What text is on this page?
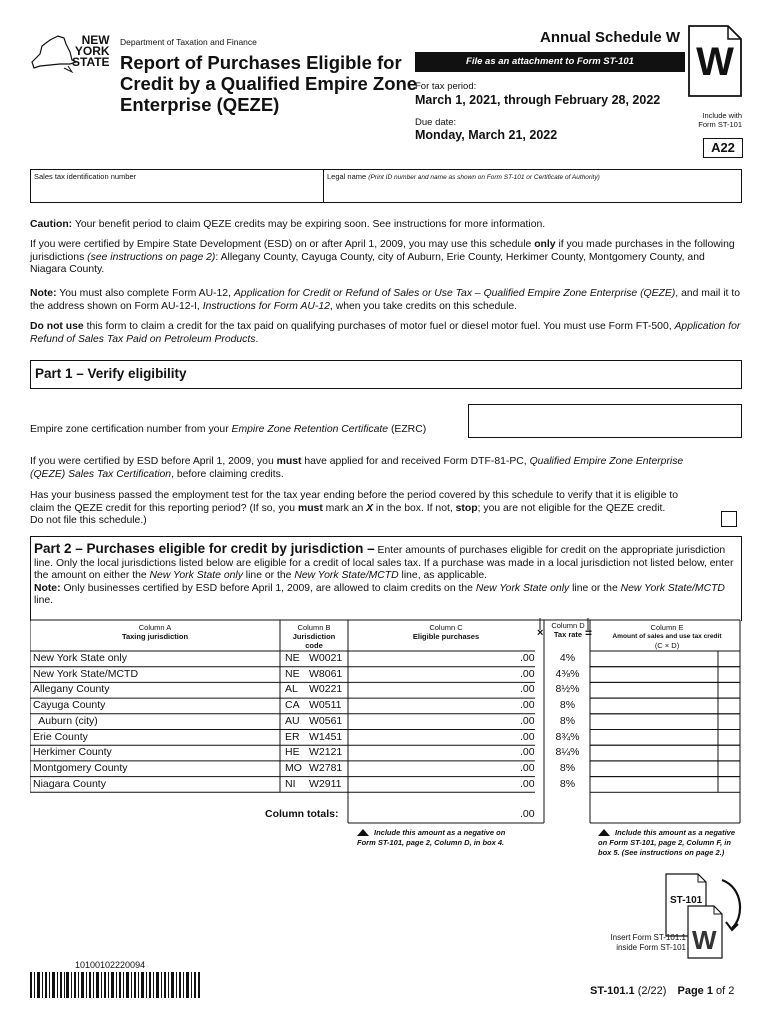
NEW
YORK
STATE
Department of Taxation and Finance
Report of Purchases Eligible for
Credit by a Qualified Empire Zone
Enterprise (QEZE)
Annual Schedule W
File as an attachment to Form ST-101
For tax period:
March 1, 2021, through February 28, 2022
Due date:
Monday, March 21, 2022
W
Include with
Form ST-101
A22
Sales tax identification number	Legal name (Print ID number and name as shown on Form ST-101 or Certificate of Authority)
Caution: Your benefit period to claim QEZE credits may be expiring soon. See instructions for more information.
If you were certified by Empire State Development (ESD) on or after April 1, 2009, you may use this schedule only if you made purchases in the following jurisdictions (see instructions on page 2): Allegany County, Cayuga County, city of Auburn, Erie County, Herkimer County, Montgomery County, and Niagara County.
Note: You must also complete Form AU-12, Application for Credit or Refund of Sales or Use Tax – Qualified Empire Zone Enterprise (QEZE), and mail it to the address shown on Form AU-12-I, Instructions for Form AU-12, when you take credits on this schedule.
Do not use this form to claim a credit for the tax paid on qualifying purchases of motor fuel or diesel motor fuel. You must use Form FT-500, Application for Refund of Sales Tax Paid on Petroleum Products.
Part 1 – Verify eligibility
Empire zone certification number from your Empire Zone Retention Certificate (EZRC)
If you were certified by ESD before April 1, 2009, you must have applied for and received Form DTF-81-PC, Qualified Empire Zone Enterprise (QEZE) Sales Tax Certification, before claiming credits.
Has your business passed the employment test for the tax year ending before the period covered by this schedule to verify that it is eligible to claim the QEZE credit for this reporting period? (If so, you must mark an X in the box. If not, stop; you are not eligible for the QEZE credit. Do not file this schedule.)
Part 2 – Purchases eligible for credit by jurisdiction – Enter amounts of purchases eligible for credit on the appropriate jurisdiction line. Only the local jurisdictions listed below are eligible for a credit of local sales tax. If a purchase was made in a local jurisdiction not listed below, enter the amount on either the New York State only line or the New York State/MCTD line, as applicable.
Note: Only businesses certified by ESD before April 1, 2009, are allowed to claim credits on the New York State only line or the New York State/MCTD line.
Column A
Taxing jurisdiction
Column B
Jurisdiction
code
Column C
Eligible purchases	×
Column D
Tax rate =	Column E
Amount of sales and use tax credit
(C × D)
New York State only	NE W0021	.00	4%
New York State/MCTD	NE W8061	.00	4⅜%
Allegany County	AL W0221	.00	8½%
Cayuga County	CA W0511	.00	8%
Auburn (city)	AU W0561	.00	8%
Erie County	ER W1451	.00	8¾%
Herkimer County	HE W2121	.00	8¼%
Montgomery County	MO W2781	.00	8%
Niagara County	NI W2911	.00	8%
Column totals:	.00
Include this amount as a negative on
Form ST-101, page 2, Column D, in box 4.
Include this amount as a negative
on Form ST-101, page 2, Column F, in
box 5. (See instructions on page 2.)
ST-101
W
Insert Form ST-101.1
inside Form ST-101
10100102220094
ST-101.1 (2/22) Page 1 of 2
